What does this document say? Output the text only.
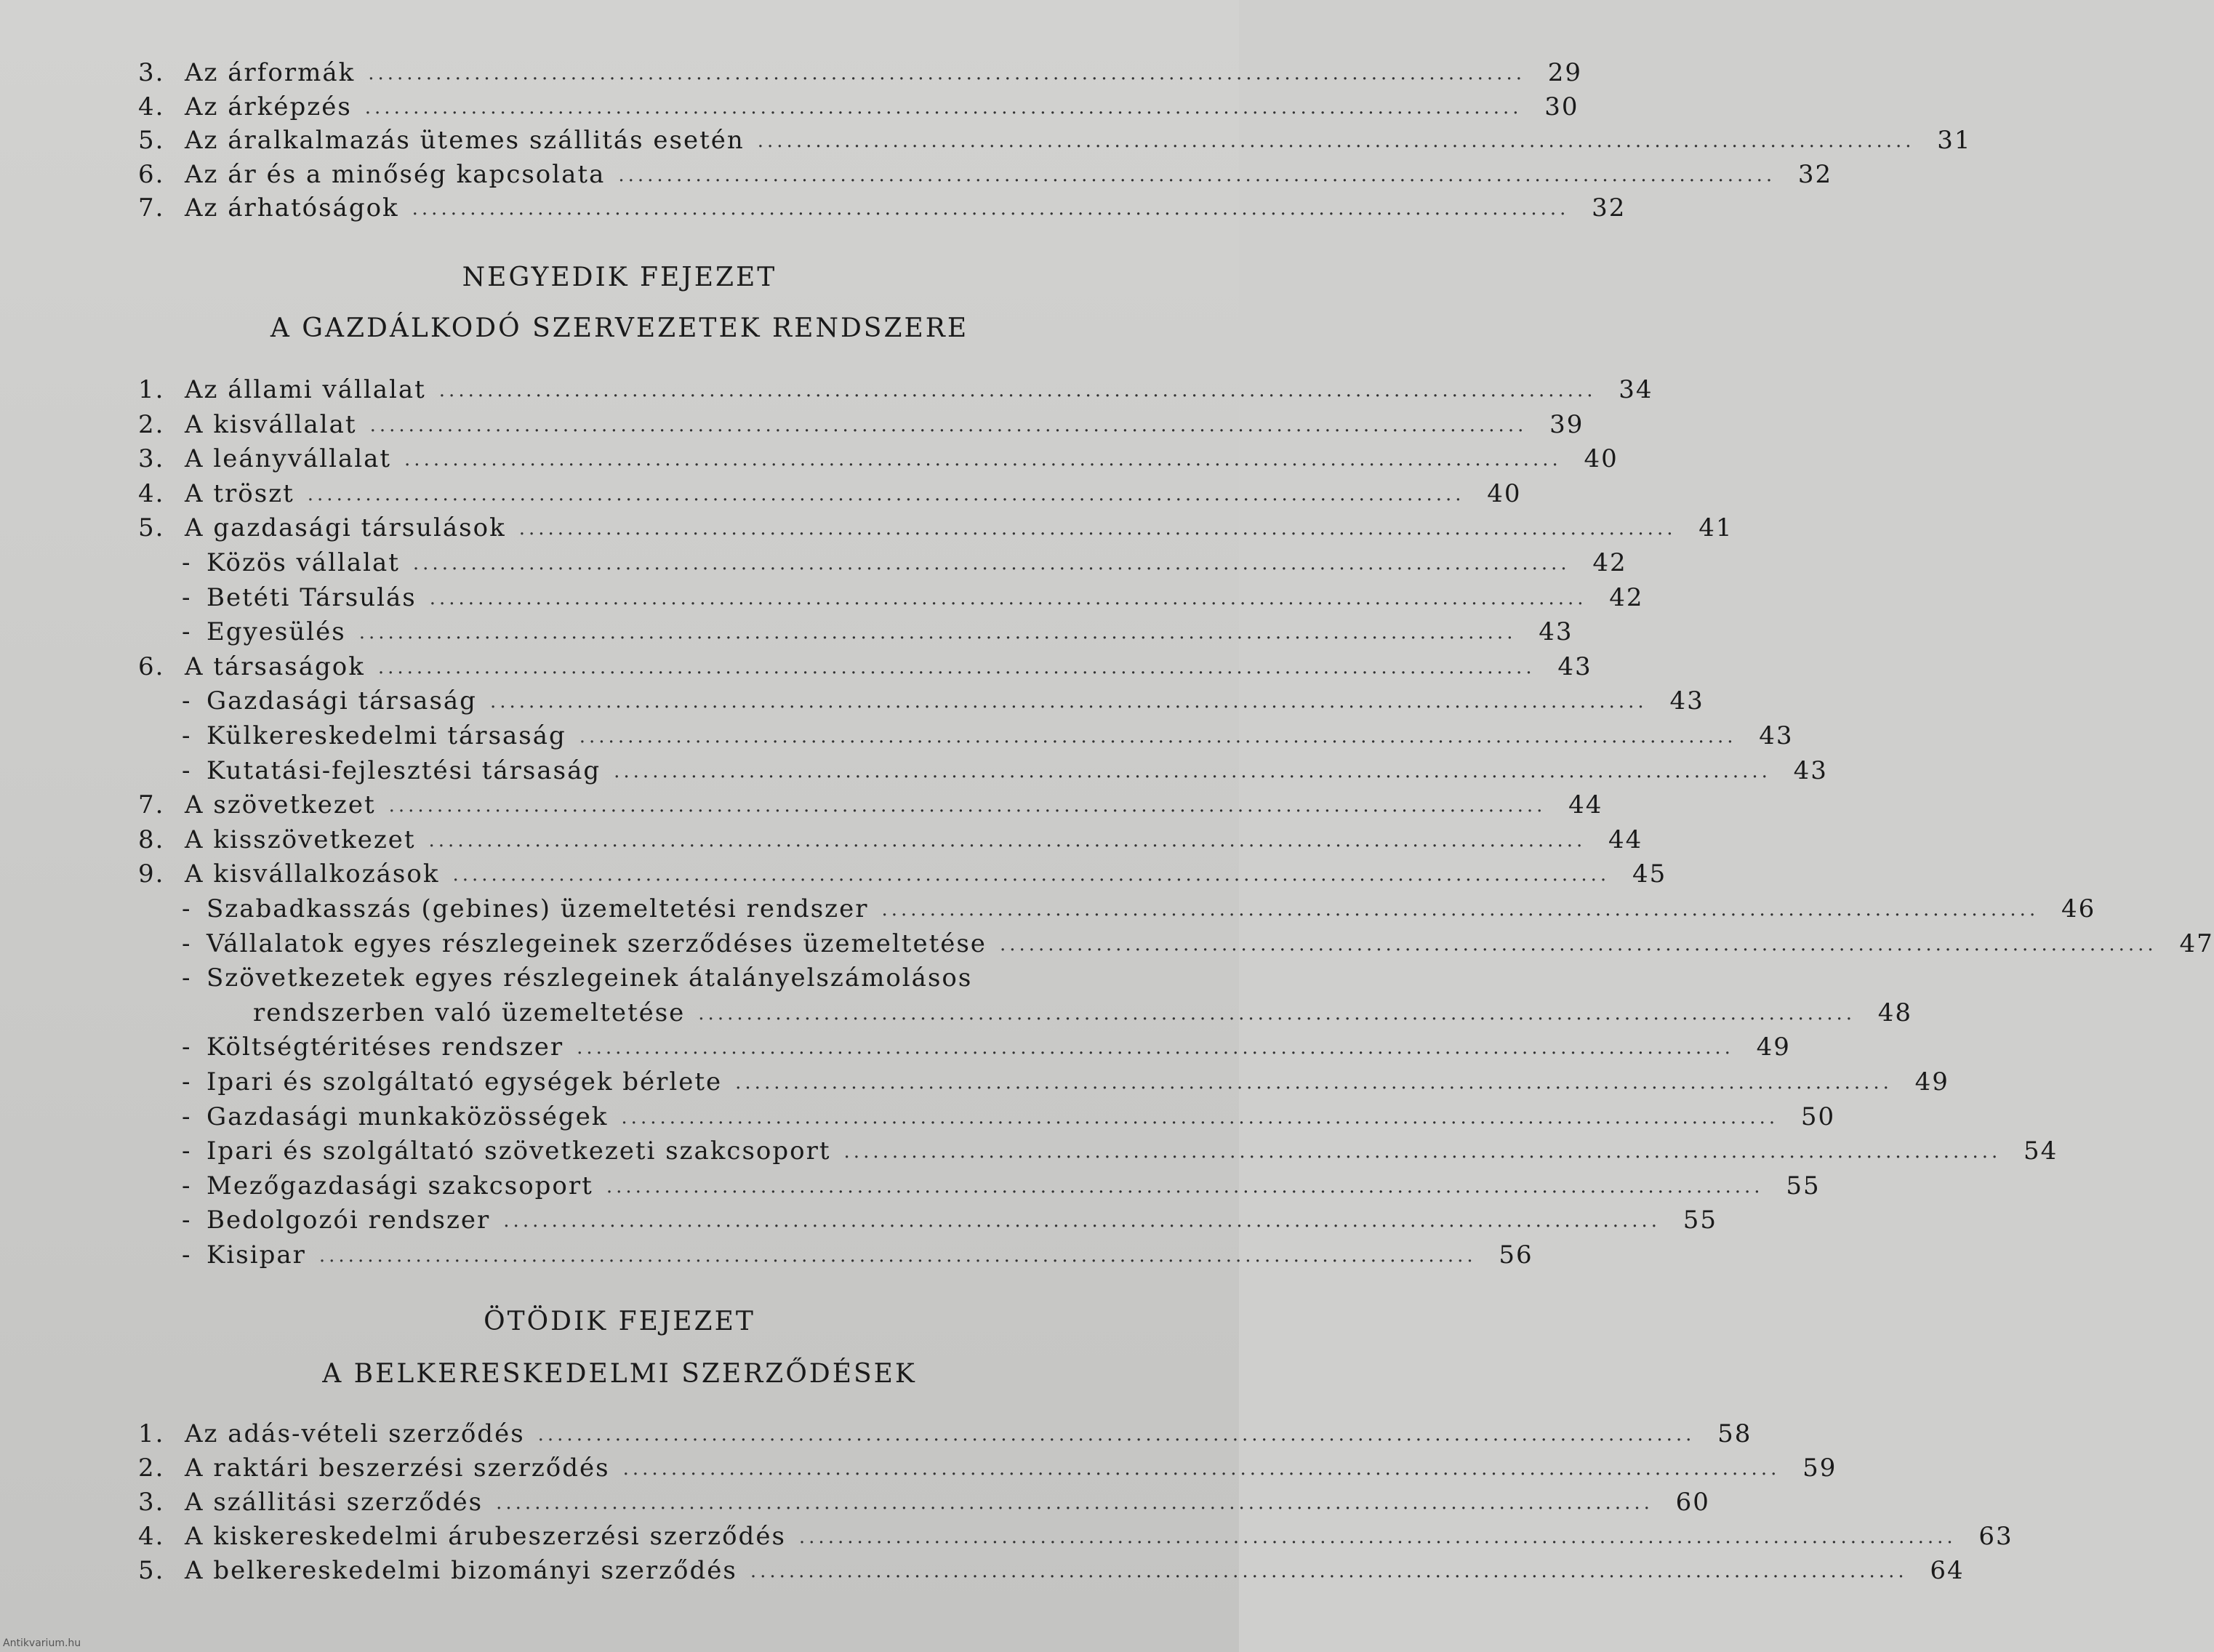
3. Az árformák ........................................................................................................................ 29
4. Az árképzés ........................................................................................................................ 30
5. Az áralkalmazás ütemes szállitás esetén ........................................................................................................................ 31
6. Az ár és a minőség kapcsolata ........................................................................................................................ 32
7. Az árhatóságok ........................................................................................................................ 32
NEGYEDIK FEJEZET
A GAZDÁLKODÓ SZERVEZETEK RENDSZERE
1. Az állami vállalat ........................................................................................................................ 34
2. A kisvállalat ........................................................................................................................ 39
3. A leányvállalat ........................................................................................................................ 40
4. A tröszt ........................................................................................................................ 40
5. A gazdasági társulások ........................................................................................................................ 41
- Közös vállalat ........................................................................................................................ 42
- Betéti Társulás ........................................................................................................................ 42
- Egyesülés ........................................................................................................................ 43
6. A társaságok ........................................................................................................................ 43
- Gazdasági társaság ........................................................................................................................ 43
- Külkereskedelmi társaság ........................................................................................................................ 43
- Kutatási-fejlesztési társaság ........................................................................................................................ 43
7. A szövetkezet ........................................................................................................................ 44
8. A kisszövetkezet ........................................................................................................................ 44
9. A kisvállalkozások ........................................................................................................................ 45
- Szabadkasszás (gebines) üzemeltetési rendszer ........................................................................................................................ 46
- Vállalatok egyes részlegeinek szerződéses üzemeltetése ........................................................................................................................ 47
- Szövetkezetek egyes részlegeinek átalányelszámolásos
rendszerben való üzemeltetése ........................................................................................................................ 48
- Költségtéritéses rendszer ........................................................................................................................ 49
- Ipari és szolgáltató egységek bérlete ........................................................................................................................ 49
- Gazdasági munkaközösségek ........................................................................................................................ 50
- Ipari és szolgáltató szövetkezeti szakcsoport ........................................................................................................................ 54
- Mezőgazdasági szakcsoport ........................................................................................................................ 55
- Bedolgozói rendszer ........................................................................................................................ 55
- Kisipar ........................................................................................................................ 56
ÖTÖDIK FEJEZET
A BELKERESKEDELMI SZERZŐDÉSEK
1. Az adás-vételi szerződés ........................................................................................................................ 58
2. A raktári beszerzési szerződés ........................................................................................................................ 59
3. A szállitási szerződés ........................................................................................................................ 60
4. A kiskereskedelmi árubeszerzési szerződés ........................................................................................................................ 63
5. A belkereskedelmi bizományi szerződés ........................................................................................................................ 64
Antikvarium.hu
